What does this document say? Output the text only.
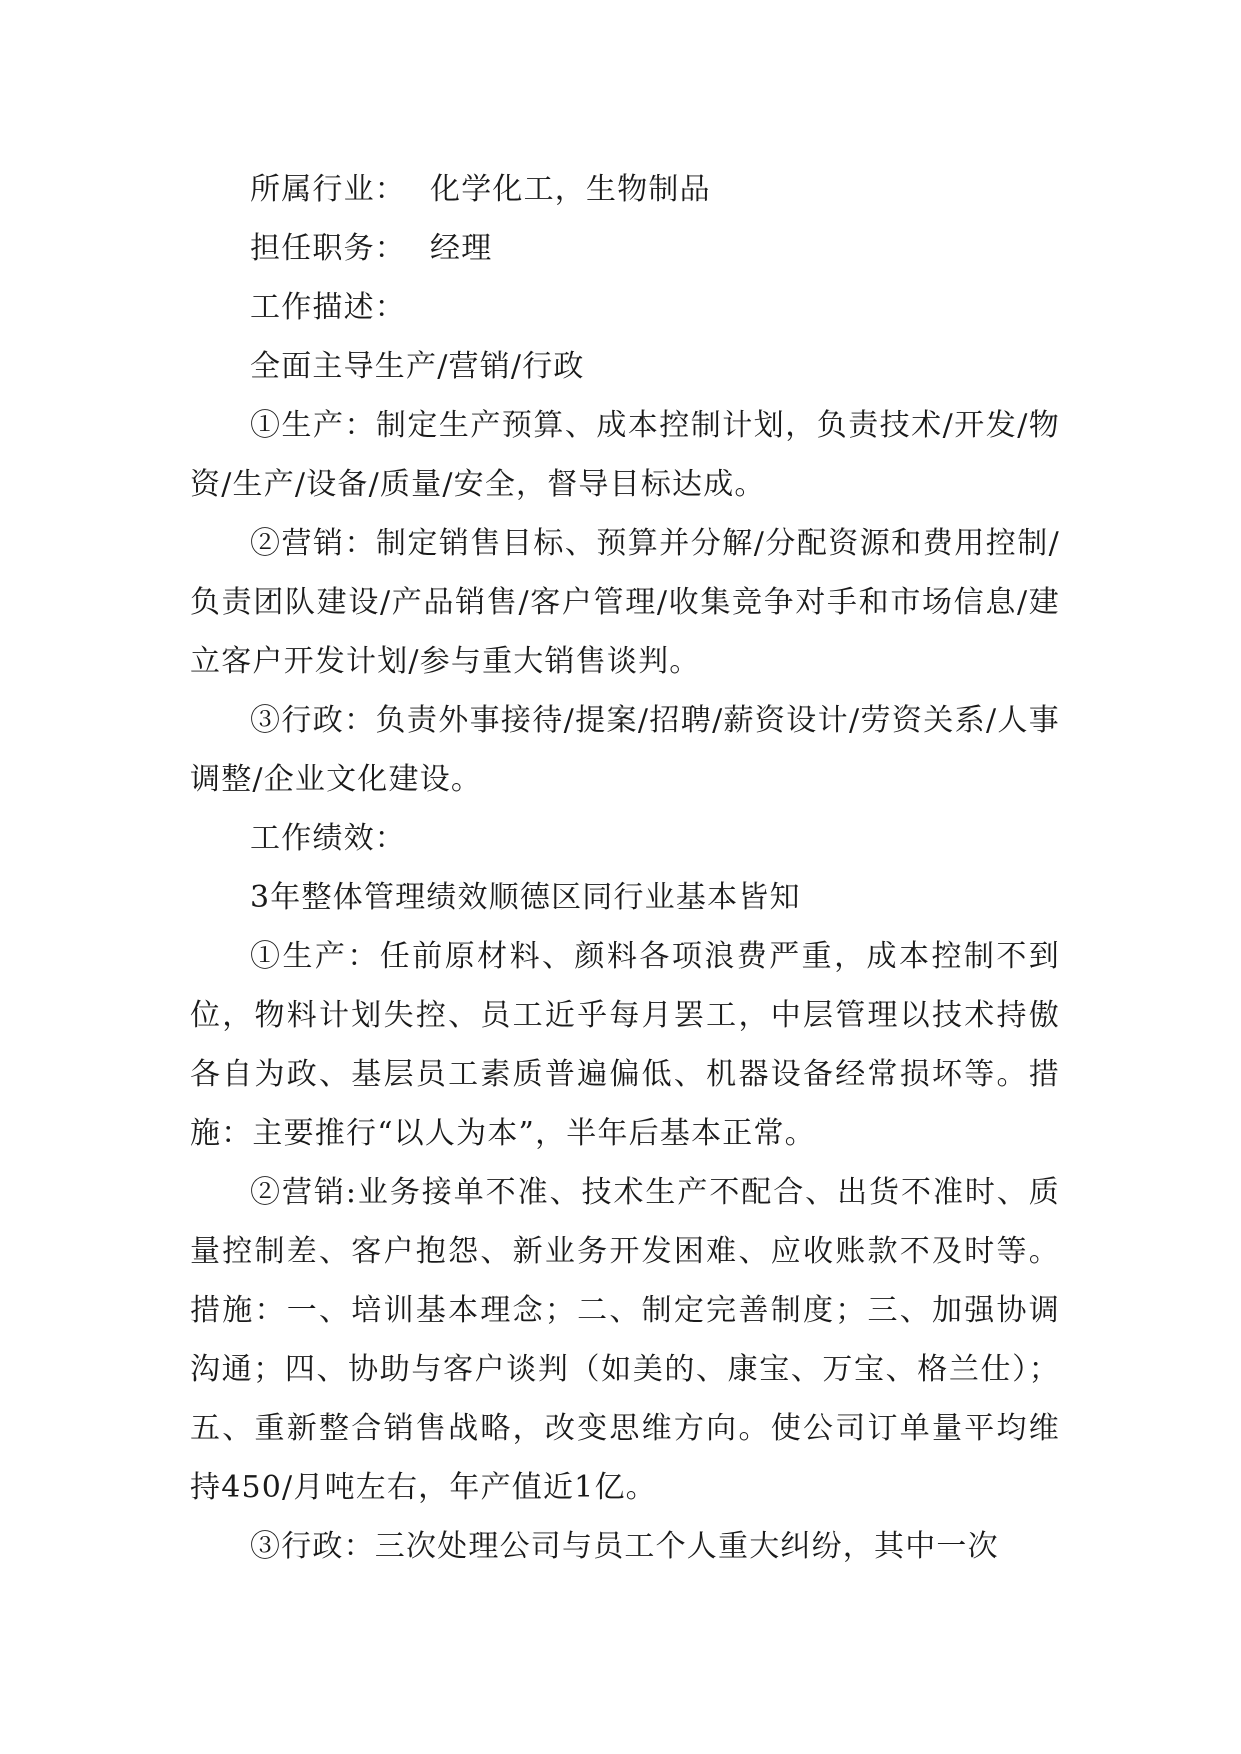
所属行业： 化学化工，生物制品

担任职务： 经理

工作描述：

全面主导生产/营销/行政

①生产：制定生产预算、成本控制计划，负责技术/开发/物资/生产/设备/质量/安全，督导目标达成。

②营销：制定销售目标、预算并分解/分配资源和费用控制/负责团队建设/产品销售/客户管理/收集竞争对手和市场信息/建立客户开发计划/参与重大销售谈判。

③行政：负责外事接待/提案/招聘/薪资设计/劳资关系/人事调整/企业文化建设。

工作绩效：

3年整体管理绩效顺德区同行业基本皆知

①生产：任前原材料、颜料各项浪费严重，成本控制不到位，物料计划失控、员工近乎每月罢工，中层管理以技术持傲各自为政、基层员工素质普遍偏低、机器设备经常损坏等。措施：主要推行“以人为本”，半年后基本正常。

②营销:业务接单不准、技术生产不配合、出货不准时、质量控制差、客户抱怨、新业务开发困难、应收账款不及时等。措施：一、培训基本理念；二、制定完善制度；三、加强协调沟通；四、协助与客户谈判（如美的、康宝、万宝、格兰仕）；五、重新整合销售战略，改变思维方向。使公司订单量平均维持450/月吨左右，年产值近1亿。

③行政：三次处理公司与员工个人重大纠纷，其中一次
